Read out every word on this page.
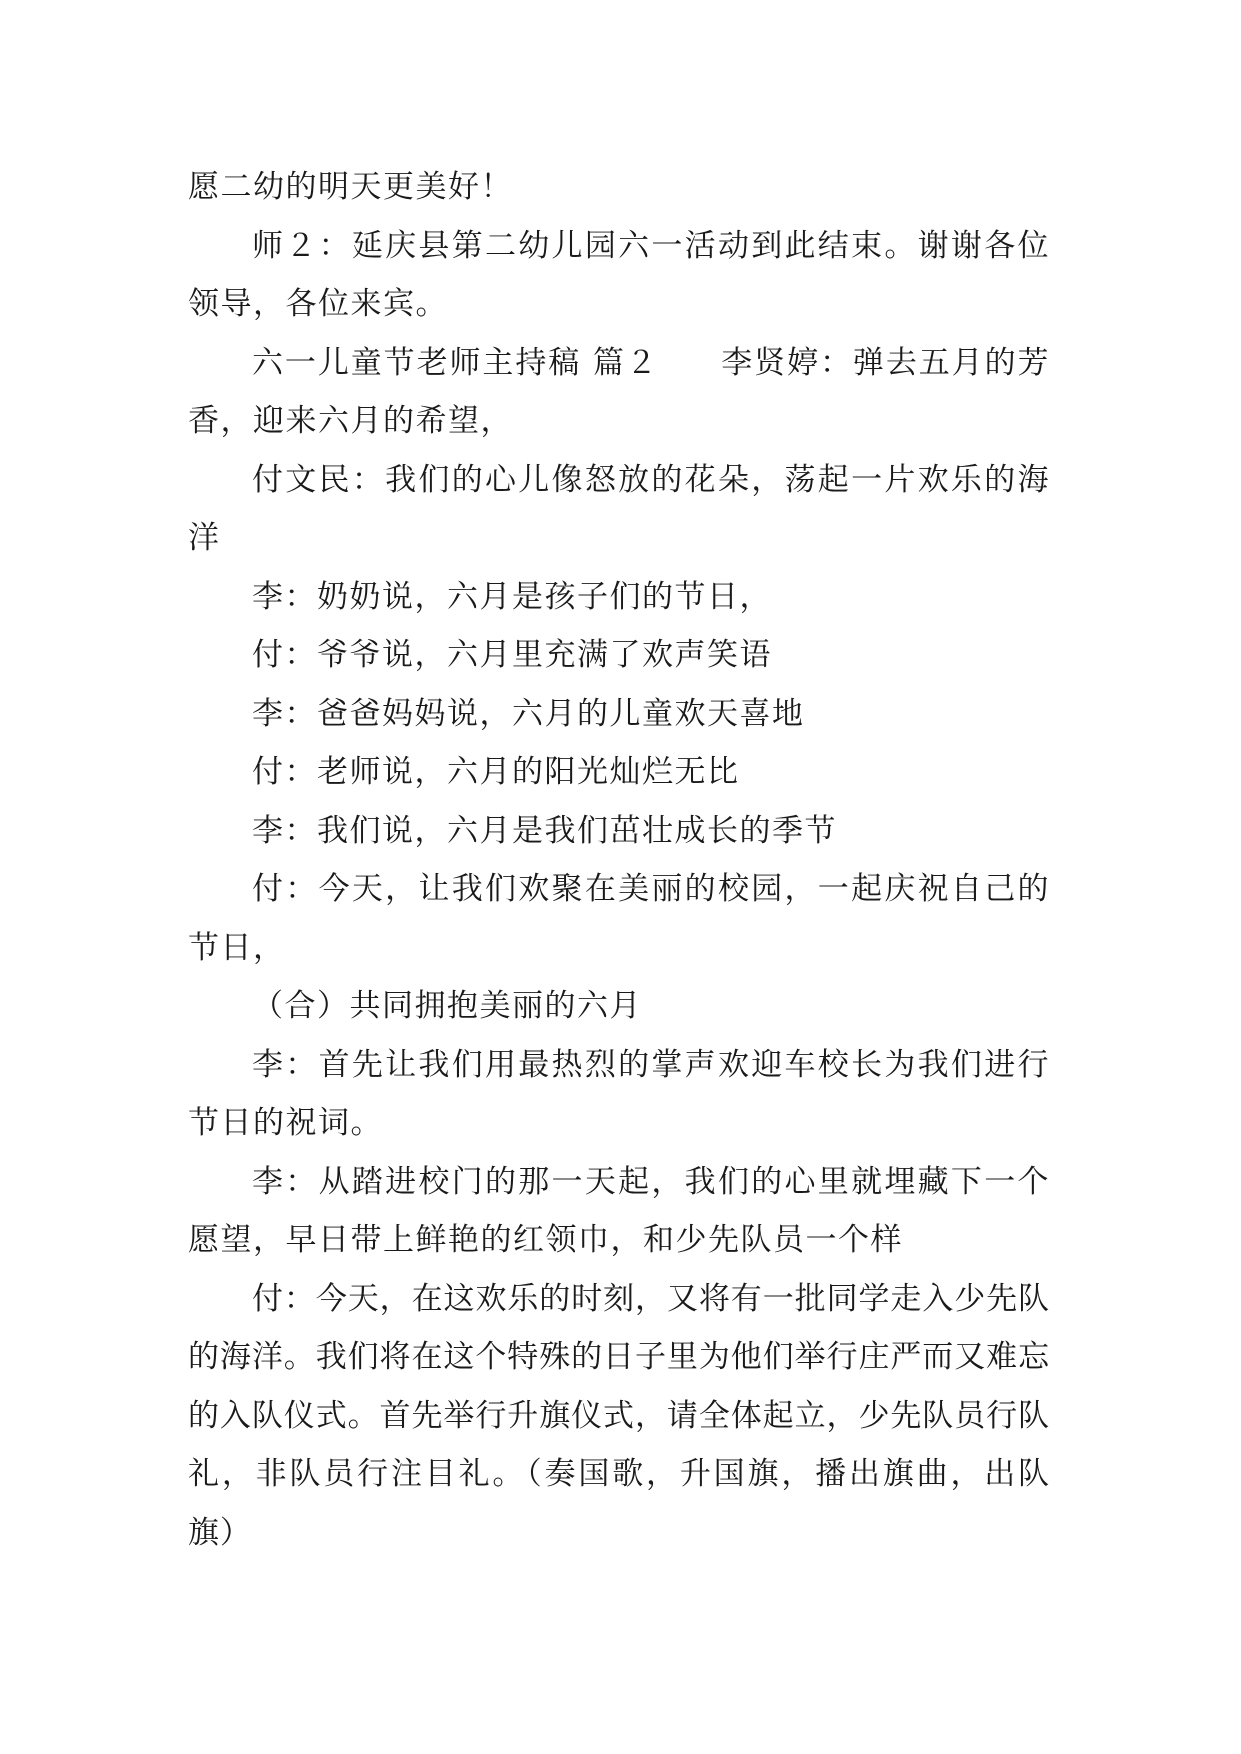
愿二幼的明天更美好！

师２：延庆县第二幼儿园六一活动到此结束。谢谢各位领导，各位来宾。

六一儿童节老师主持稿 篇２ 李贤婷：弹去五月的芳香，迎来六月的希望，

付文民：我们的心儿像怒放的花朵，荡起一片欢乐的海洋

李：奶奶说，六月是孩子们的节日，

付：爷爷说，六月里充满了欢声笑语

李：爸爸妈妈说，六月的儿童欢天喜地

付：老师说，六月的阳光灿烂无比

李：我们说，六月是我们茁壮成长的季节

付：今天，让我们欢聚在美丽的校园，一起庆祝自己的节日，

（合）共同拥抱美丽的六月

李：首先让我们用最热烈的掌声欢迎车校长为我们进行节日的祝词。

李：从踏进校门的那一天起，我们的心里就埋藏下一个愿望，早日带上鲜艳的红领巾，和少先队员一个样

付：今天，在这欢乐的时刻，又将有一批同学走入少先队的海洋。我们将在这个特殊的日子里为他们举行庄严而又难忘的入队仪式。首先举行升旗仪式，请全体起立，少先队员行队礼，非队员行注目礼。（奏国歌，升国旗，播出旗曲，出队旗）
